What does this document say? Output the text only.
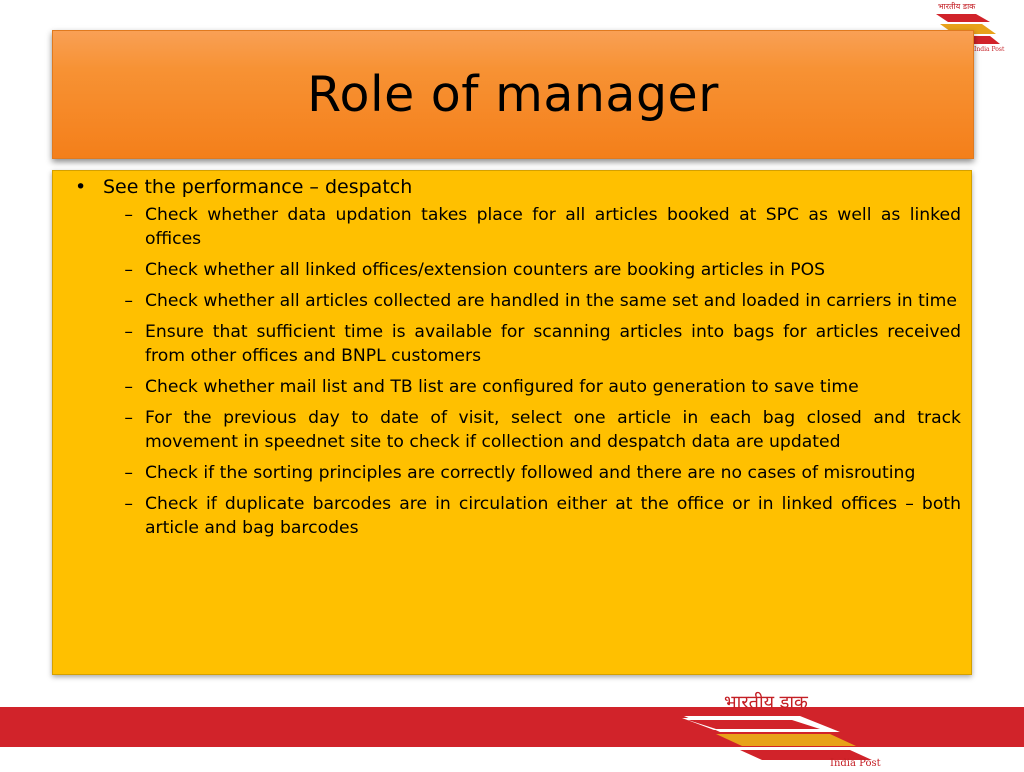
भारतीय डाक
India Post
Role of manager
• See the performance – despatch
– Check whether data updation takes place for all articles booked at SPC as well as linked offices
– Check whether all linked offices/extension counters are booking articles in POS
– Check whether all articles collected are handled in the same set and loaded in carriers in time
– Ensure that sufficient time is available for scanning articles into bags for articles received from other offices and BNPL customers
– Check whether mail list and TB list are configured for auto generation to save time
– For the previous day to date of visit, select one article in each bag closed and track movement in speednet site to check if collection and despatch data are updated
– Check if the sorting principles are correctly followed and there are no cases of misrouting
– Check if duplicate barcodes are in circulation either at the office or in linked offices – both article and bag barcodes
भारतीय डाक
India Post
